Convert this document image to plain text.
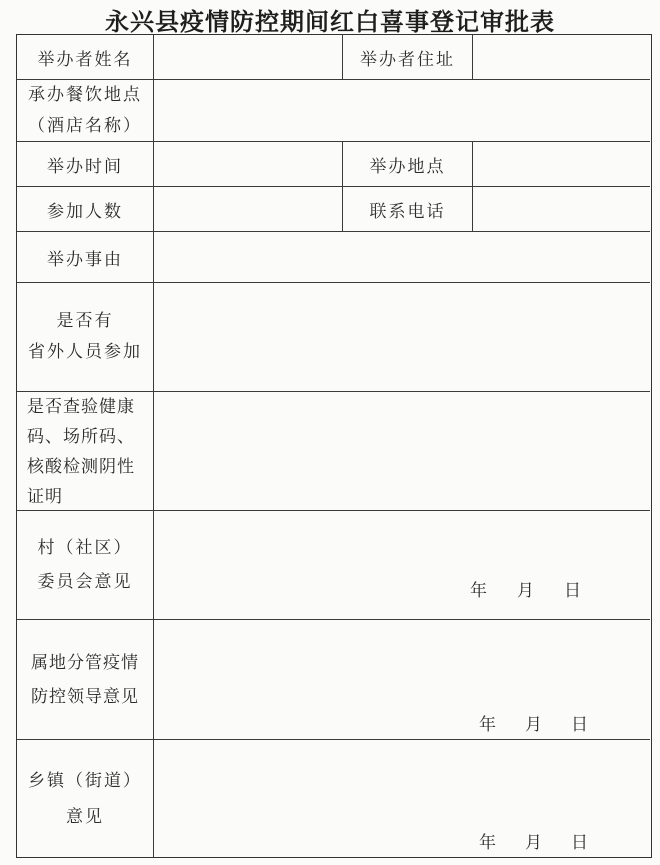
永兴县疫情防控期间红白喜事登记审批表
举办者姓名	举办者住址
承办餐饮地点
（酒店名称）
举办时间	举办地点
参加人数	联系电话
举办事由
是否有
省外人员参加
是否查验健康
码、场所码、
核酸检测阴性
证明
村（社区）
委员会意见	年	月	日
属地分管疫情
防控领导意见
年	月	日
乡镇（街道）
意见
年	月	日
